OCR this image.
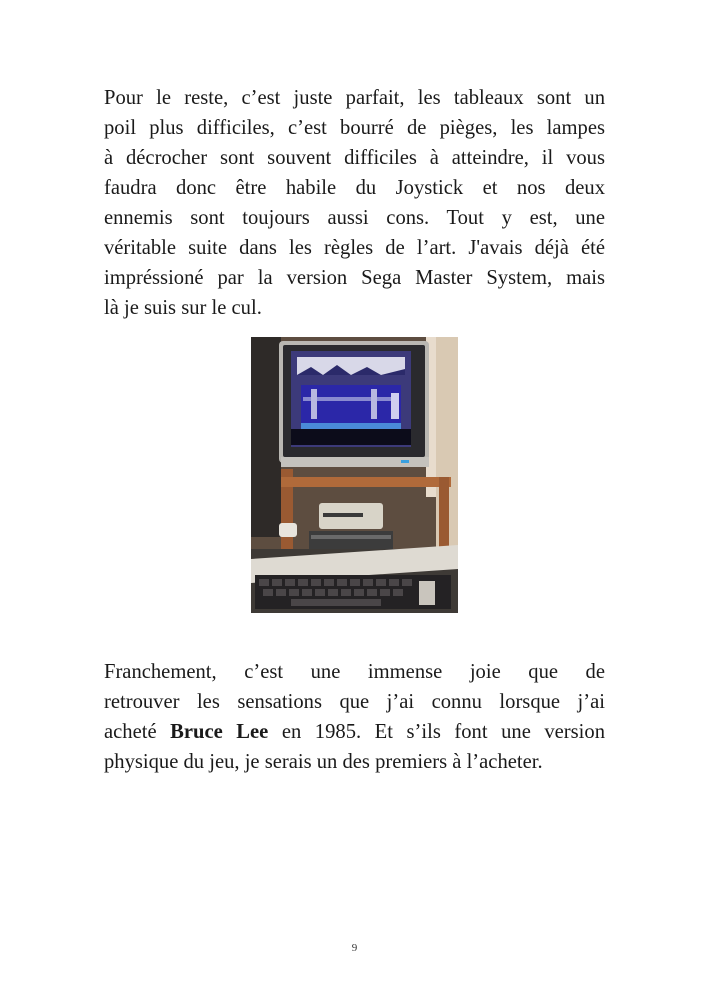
Pour le reste, c’est juste parfait, les tableaux sont un
poil plus difficiles, c’est bourré de pièges, les lampes
à décrocher sont souvent difficiles à atteindre, il vous
faudra donc être habile du Joystick et nos deux
ennemis sont toujours aussi cons. Tout y est, une
véritable suite dans les règles de l’art. J'avais déjà été
impréssioné par la version Sega Master System, mais
là je suis sur le cul.

Franchement, c’est une immense joie que de
retrouver les sensations que j’ai connu lorsque j’ai
acheté Bruce Lee en 1985. Et s’ils font une version
physique du jeu, je serais un des premiers à l’acheter.

9
